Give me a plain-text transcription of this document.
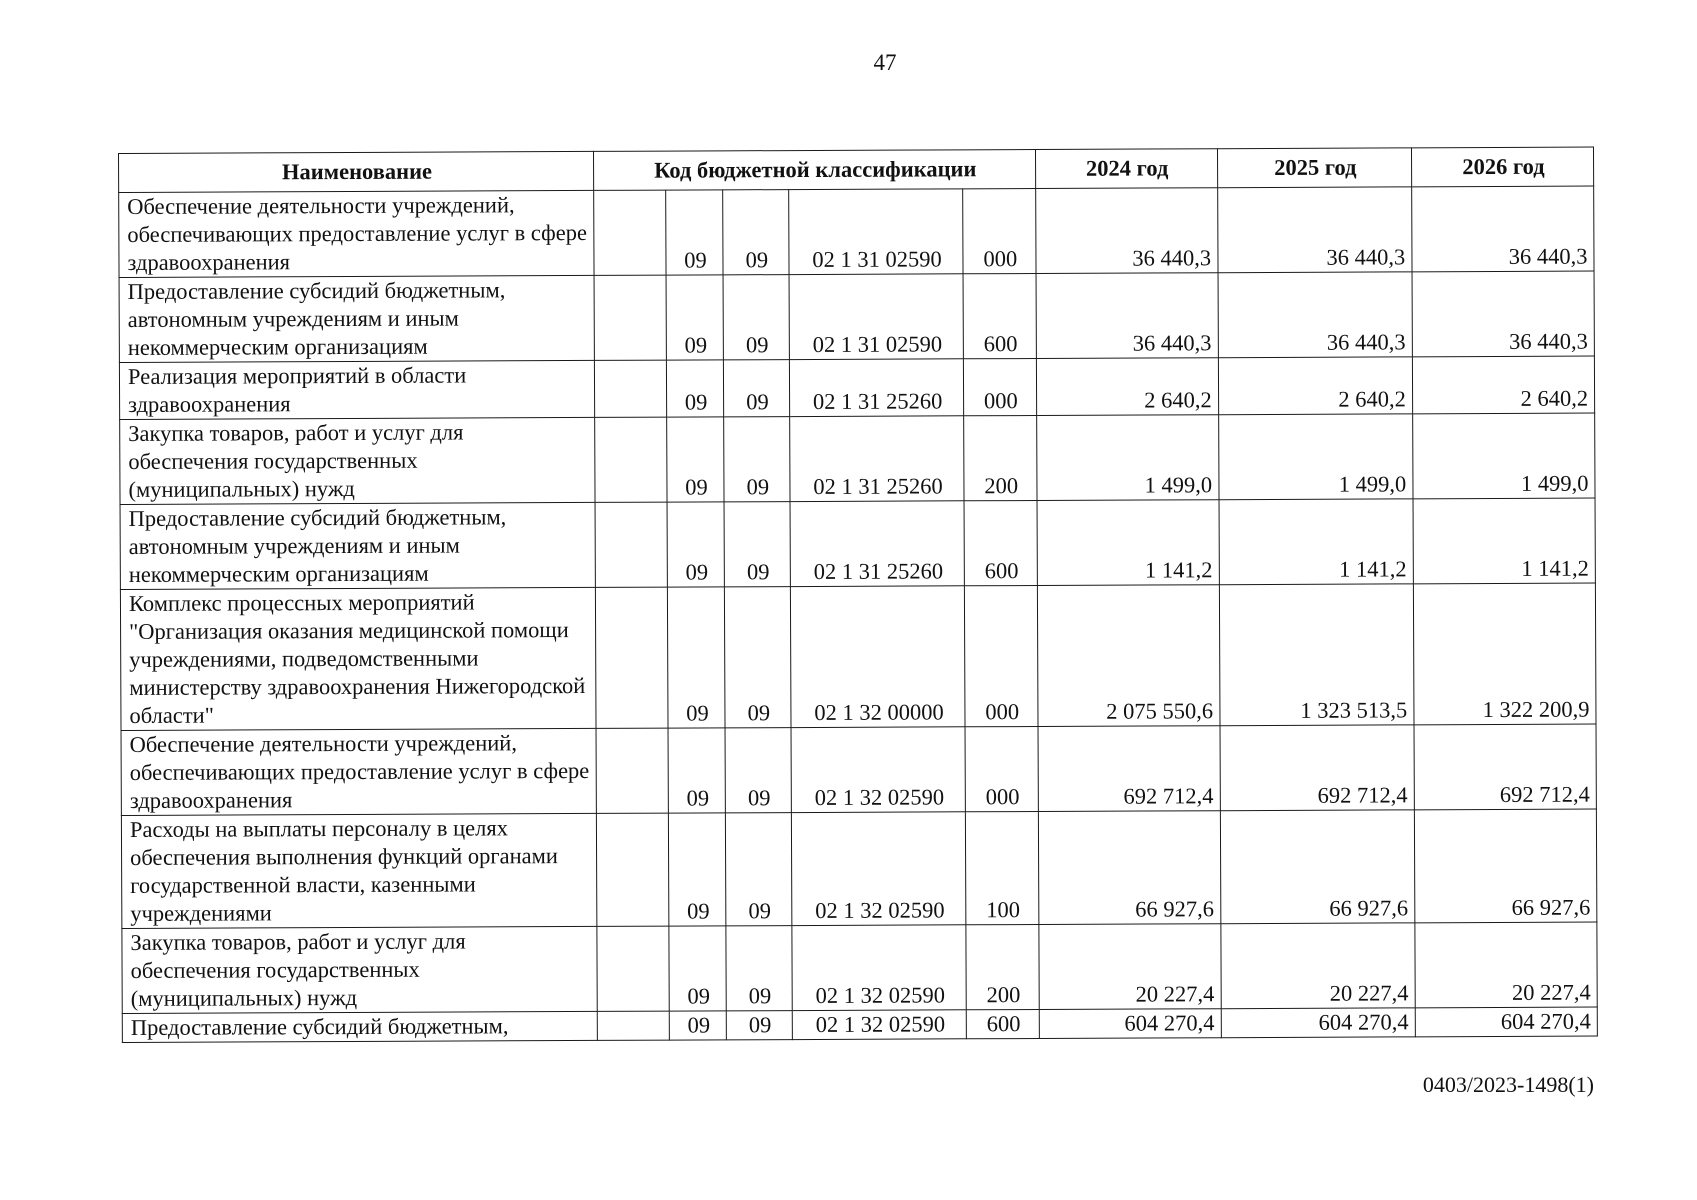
47
Наименование	Код бюджетной классификации					2024 год	2025 год	2026 год
Обеспечение деятельности учреждений, обеспечивающих предоставление услуг в сфере здравоохранения		09	09	02 1 31 02590	000	36 440,3	36 440,3	36 440,3
Предоставление субсидий бюджетным, автономным учреждениям и иным некоммерческим организациям		09	09	02 1 31 02590	600	36 440,3	36 440,3	36 440,3
Реализация мероприятий в области здравоохранения		09	09	02 1 31 25260	000	2 640,2	2 640,2	2 640,2
Закупка товаров, работ и услуг для обеспечения государственных (муниципальных) нужд		09	09	02 1 31 25260	200	1 499,0	1 499,0	1 499,0
Предоставление субсидий бюджетным, автономным учреждениям и иным некоммерческим организациям		09	09	02 1 31 25260	600	1 141,2	1 141,2	1 141,2
Комплекс процессных мероприятий "Организация оказания медицинской помощи учреждениями, подведомственными министерству здравоохранения Нижегородской области"		09	09	02 1 32 00000	000	2 075 550,6	1 323 513,5	1 322 200,9
Обеспечение деятельности учреждений, обеспечивающих предоставление услуг в сфере здравоохранения		09	09	02 1 32 02590	000	692 712,4	692 712,4	692 712,4
Расходы на выплаты персоналу в целях обеспечения выполнения функций органами государственной власти, казенными учреждениями		09	09	02 1 32 02590	100	66 927,6	66 927,6	66 927,6
Закупка товаров, работ и услуг для обеспечения государственных (муниципальных) нужд		09	09	02 1 32 02590	200	20 227,4	20 227,4	20 227,4
Предоставление субсидий бюджетным,		09	09	02 1 32 02590	600	604 270,4	604 270,4	604 270,4
0403/2023-1498(1)
